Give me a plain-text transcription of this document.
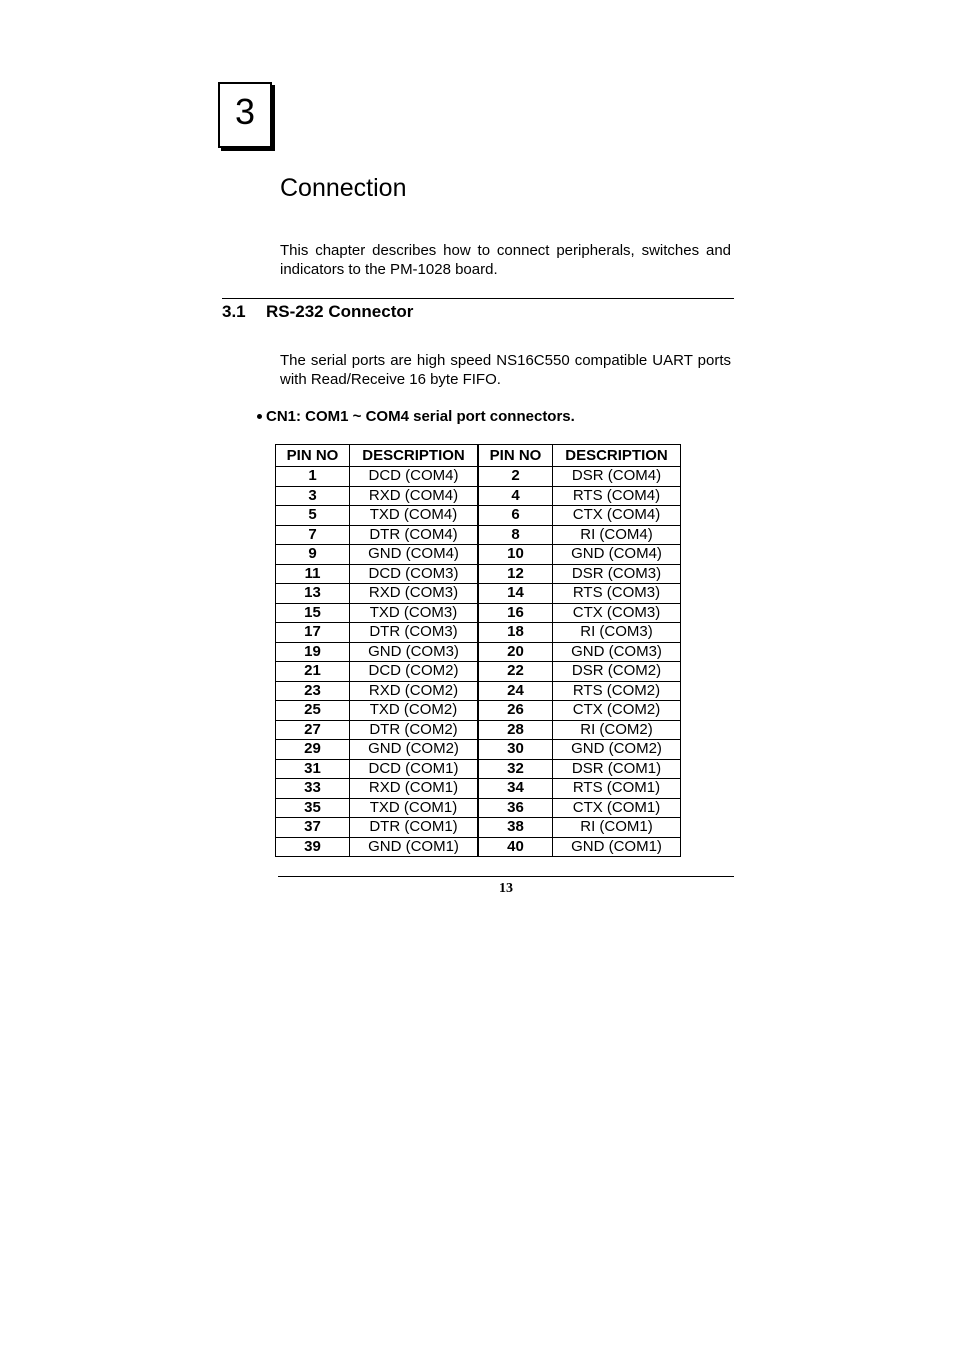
3
Connection

This chapter describes how to connect peripherals, switches and indicators to the PM-1028 board.

3.1 RS-232 Connector

The serial ports are high speed NS16C550 compatible UART ports with Read/Receive 16 byte FIFO.

CN1: COM1 ~ COM4 serial port connectors.
PIN NO	DESCRIPTION	PIN NO	DESCRIPTION
1	DCD (COM4)	2	DSR (COM4)
3	RXD (COM4)	4	RTS (COM4)
5	TXD (COM4)	6	CTX (COM4)
7	DTR (COM4)	8	RI (COM4)
9	GND (COM4)	10	GND (COM4)
11	DCD (COM3)	12	DSR (COM3)
13	RXD (COM3)	14	RTS (COM3)
15	TXD (COM3)	16	CTX (COM3)
17	DTR (COM3)	18	RI (COM3)
19	GND (COM3)	20	GND (COM3)
21	DCD (COM2)	22	DSR (COM2)
23	RXD (COM2)	24	RTS (COM2)
25	TXD (COM2)	26	CTX (COM2)
27	DTR (COM2)	28	RI (COM2)
29	GND (COM2)	30	GND (COM2)
31	DCD (COM1)	32	DSR (COM1)
33	RXD (COM1)	34	RTS (COM1)
35	TXD (COM1)	36	CTX (COM1)
37	DTR (COM1)	38	RI (COM1)
39	GND (COM1)	40	GND (COM1)
13
